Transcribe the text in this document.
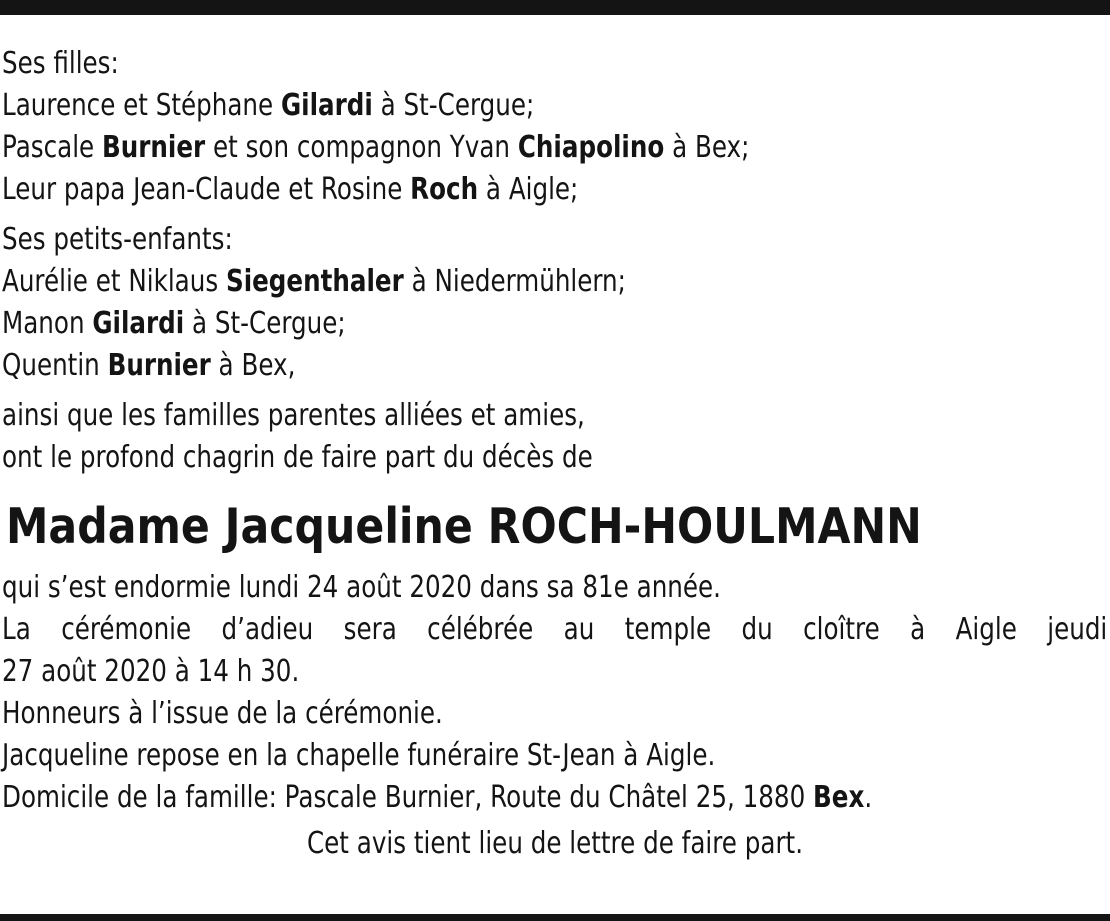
Ses filles:

Laurence et Stéphane Gilardi à St-Cergue;

Pascale Burnier et son compagnon Yvan Chiapolino à Bex;

Leur papa Jean-Claude et Rosine Roch à Aigle;

Ses petits-enfants:

Aurélie et Niklaus Siegenthaler à Niedermühlern;

Manon Gilardi à St-Cergue;

Quentin Burnier à Bex,

ainsi que les familles parentes alliées et amies,

ont le profond chagrin de faire part du décès de

Madame Jacqueline ROCH-HOULMANN

qui s’est endormie lundi 24 août 2020 dans sa 81e année.

La cérémonie d’adieu sera célébrée au temple du cloître à Aigle jeudi

27 août 2020 à 14 h 30.

Honneurs à l’issue de la cérémonie.

Jacqueline repose en la chapelle funéraire St-Jean à Aigle.

Domicile de la famille: Pascale Burnier, Route du Châtel 25, 1880 Bex.

Cet avis tient lieu de lettre de faire part.
